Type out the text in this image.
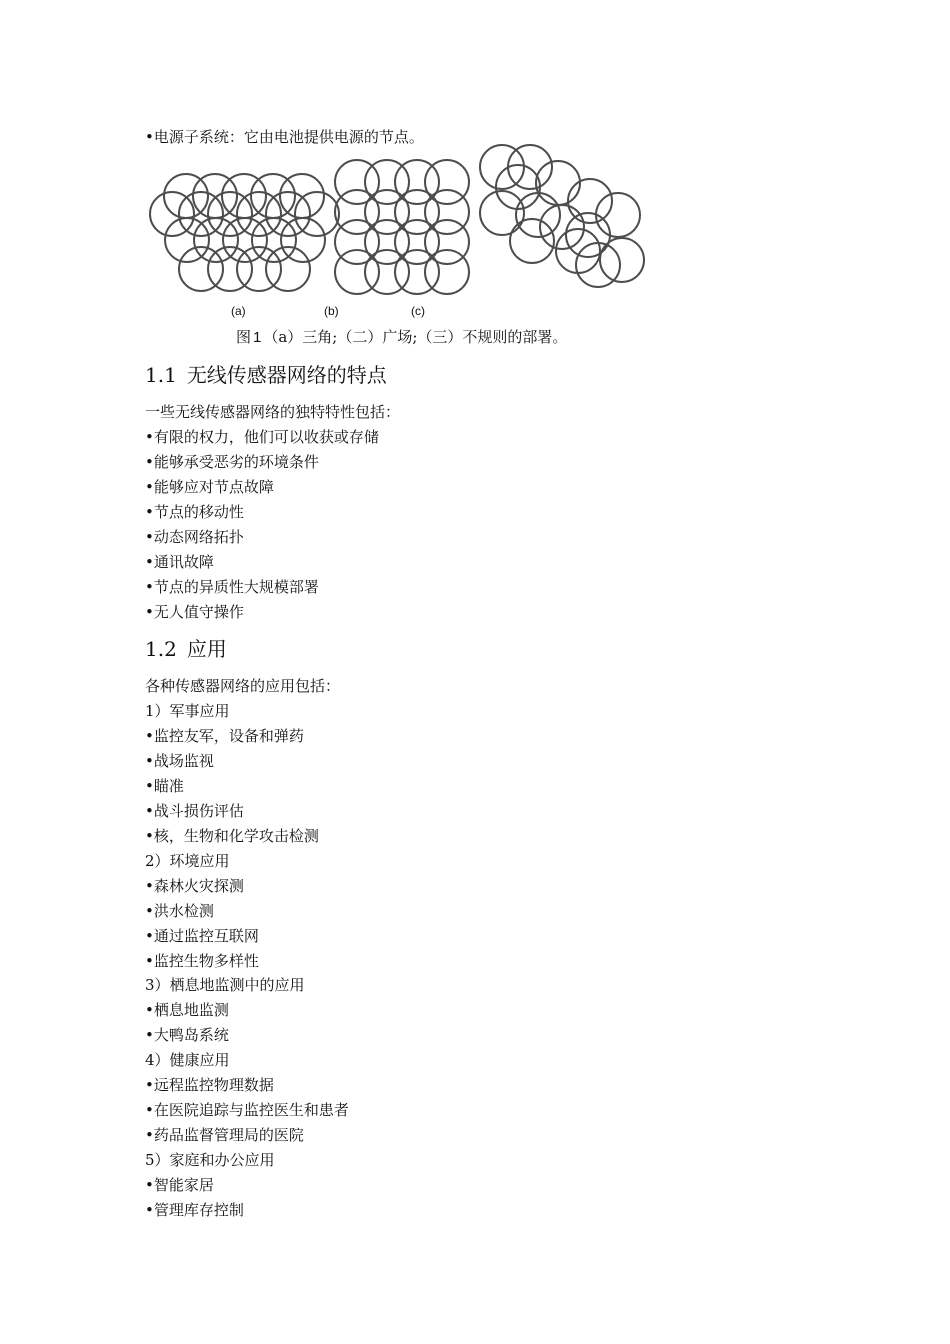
•电源子系统：它由电池提供电源的节点。
(a)	(b)	(c)
图 1 （a）三角;（二）广场;（三）不规则的部署。
1.1 无线传感器网络的特点
一些无线传感器网络的独特特性包括：
•有限的权力，他们可以收获或存储
•能够承受恶劣的环境条件
•能够应对节点故障
•节点的移动性
•动态网络拓扑
•通讯故障
•节点的异质性大规模部署
•无人值守操作
1.2 应用
各种传感器网络的应用包括：
1）军事应用
•监控友军，设备和弹药
•战场监视
•瞄准
•战斗损伤评估
•核，生物和化学攻击检测
2）环境应用
•森林火灾探测
•洪水检测
•通过监控互联网
•监控生物多样性
3）栖息地监测中的应用
•栖息地监测
•大鸭岛系统
4）健康应用
•远程监控物理数据
•在医院追踪与监控医生和患者
•药品监督管理局的医院
5）家庭和办公应用
•智能家居
•管理库存控制
